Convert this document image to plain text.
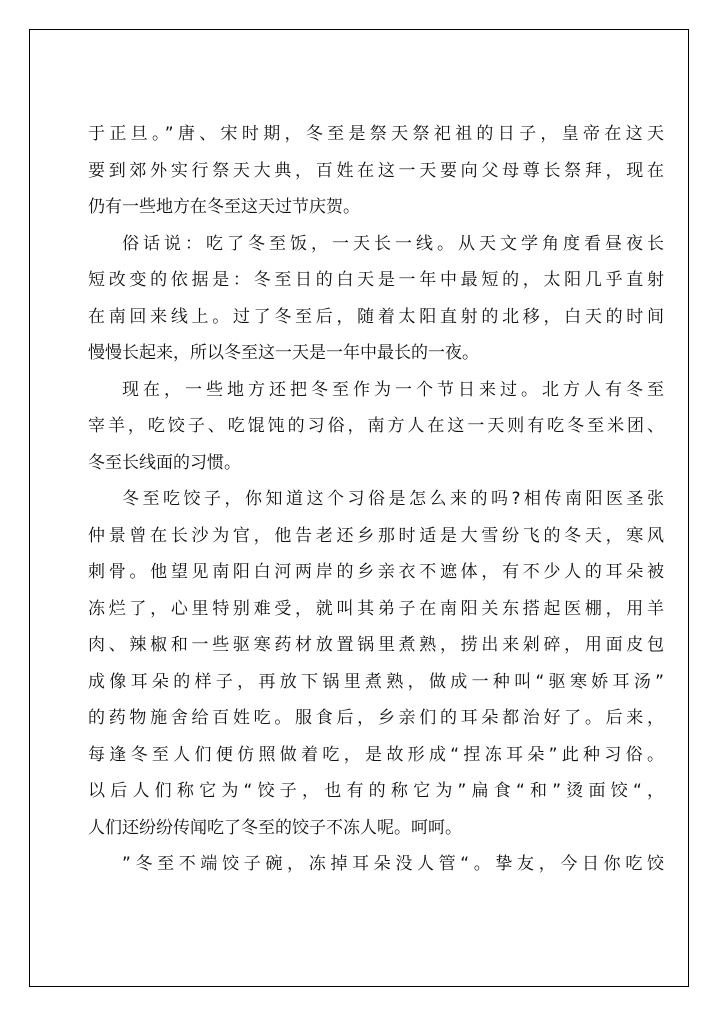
于正旦。”唐、宋时期，冬至是祭天祭祀祖的日子，皇帝在这天
要到郊外实行祭天大典，百姓在这一天要向父母尊长祭拜，现在
仍有一些地方在冬至这天过节庆贺。
俗话说：吃了冬至饭，一天长一线。从天文学角度看昼夜长
短改变的依据是：冬至日的白天是一年中最短的，太阳几乎直射
在南回来线上。过了冬至后，随着太阳直射的北移，白天的时间
慢慢长起来，所以冬至这一天是一年中最长的一夜。
现在，一些地方还把冬至作为一个节日来过。北方人有冬至
宰羊，吃饺子、吃馄饨的习俗，南方人在这一天则有吃冬至米团、
冬至长线面的习惯。
冬至吃饺子，你知道这个习俗是怎么来的吗?相传南阳医圣张
仲景曾在长沙为官，他告老还乡那时适是大雪纷飞的冬天，寒风
刺骨。他望见南阳白河两岸的乡亲衣不遮体，有不少人的耳朵被
冻烂了，心里特别难受，就叫其弟子在南阳关东搭起医棚，用羊
肉、辣椒和一些驱寒药材放置锅里煮熟，捞出来剁碎，用面皮包
成像耳朵的样子，再放下锅里煮熟，做成一种叫“驱寒娇耳汤”
的药物施舍给百姓吃。服食后，乡亲们的耳朵都治好了。后来，
每逢冬至人们便仿照做着吃，是故形成“捏冻耳朵”此种习俗。
以后人们称它为“饺子，也有的称它为”扁食“和”烫面饺“，
人们还纷纷传闻吃了冬至的饺子不冻人呢。呵呵。
”冬至不端饺子碗，冻掉耳朵没人管“。挚友，今日你吃饺
